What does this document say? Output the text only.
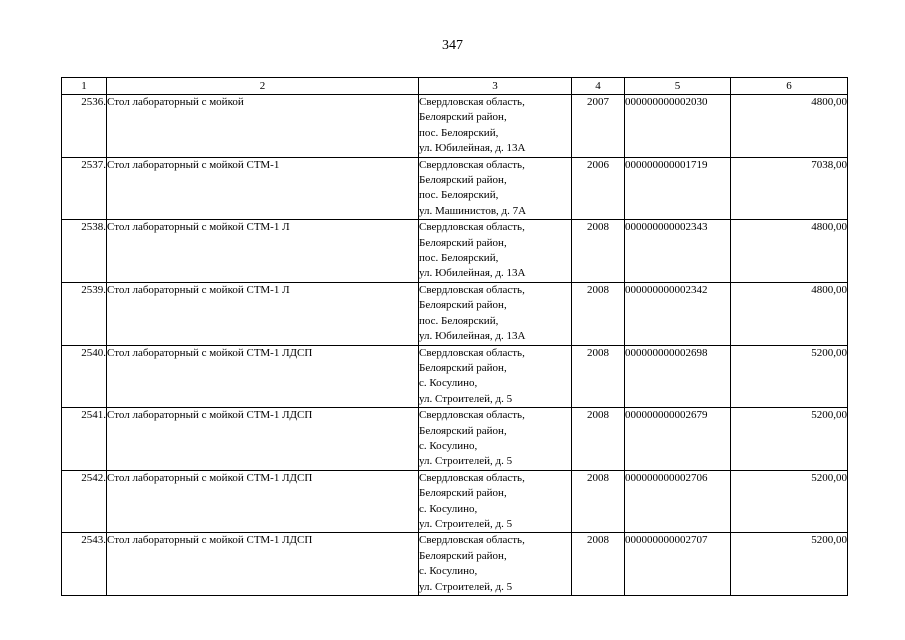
347
1	2	3	4	5	6
2536.	Стол лабораторный с мойкой	Свердловская область,
Белоярский район,
пос. Белоярский,
ул. Юбилейная, д. 13А	2007	000000000002030	4800,00
2537.	Стол лабораторный с мойкой СТМ-1	Свердловская область,
Белоярский район,
пос. Белоярский,
ул. Машинистов, д. 7А	2006	000000000001719	7038,00
2538.	Стол лабораторный с мойкой СТМ-1 Л	Свердловская область,
Белоярский район,
пос. Белоярский,
ул. Юбилейная, д. 13А	2008	000000000002343	4800,00
2539.	Стол лабораторный с мойкой СТМ-1 Л	Свердловская область,
Белоярский район,
пос. Белоярский,
ул. Юбилейная, д. 13А	2008	000000000002342	4800,00
2540.	Стол лабораторный с мойкой СТМ-1 ЛДСП	Свердловская область,
Белоярский район,
с. Косулино,
ул. Строителей, д. 5	2008	000000000002698	5200,00
2541.	Стол лабораторный с мойкой СТМ-1 ЛДСП	Свердловская область,
Белоярский район,
с. Косулино,
ул. Строителей, д. 5	2008	000000000002679	5200,00
2542.	Стол лабораторный с мойкой СТМ-1 ЛДСП	Свердловская область,
Белоярский район,
с. Косулино,
ул. Строителей, д. 5	2008	000000000002706	5200,00
2543.	Стол лабораторный с мойкой СТМ-1 ЛДСП	Свердловская область,
Белоярский район,
с. Косулино,
ул. Строителей, д. 5	2008	000000000002707	5200,00
